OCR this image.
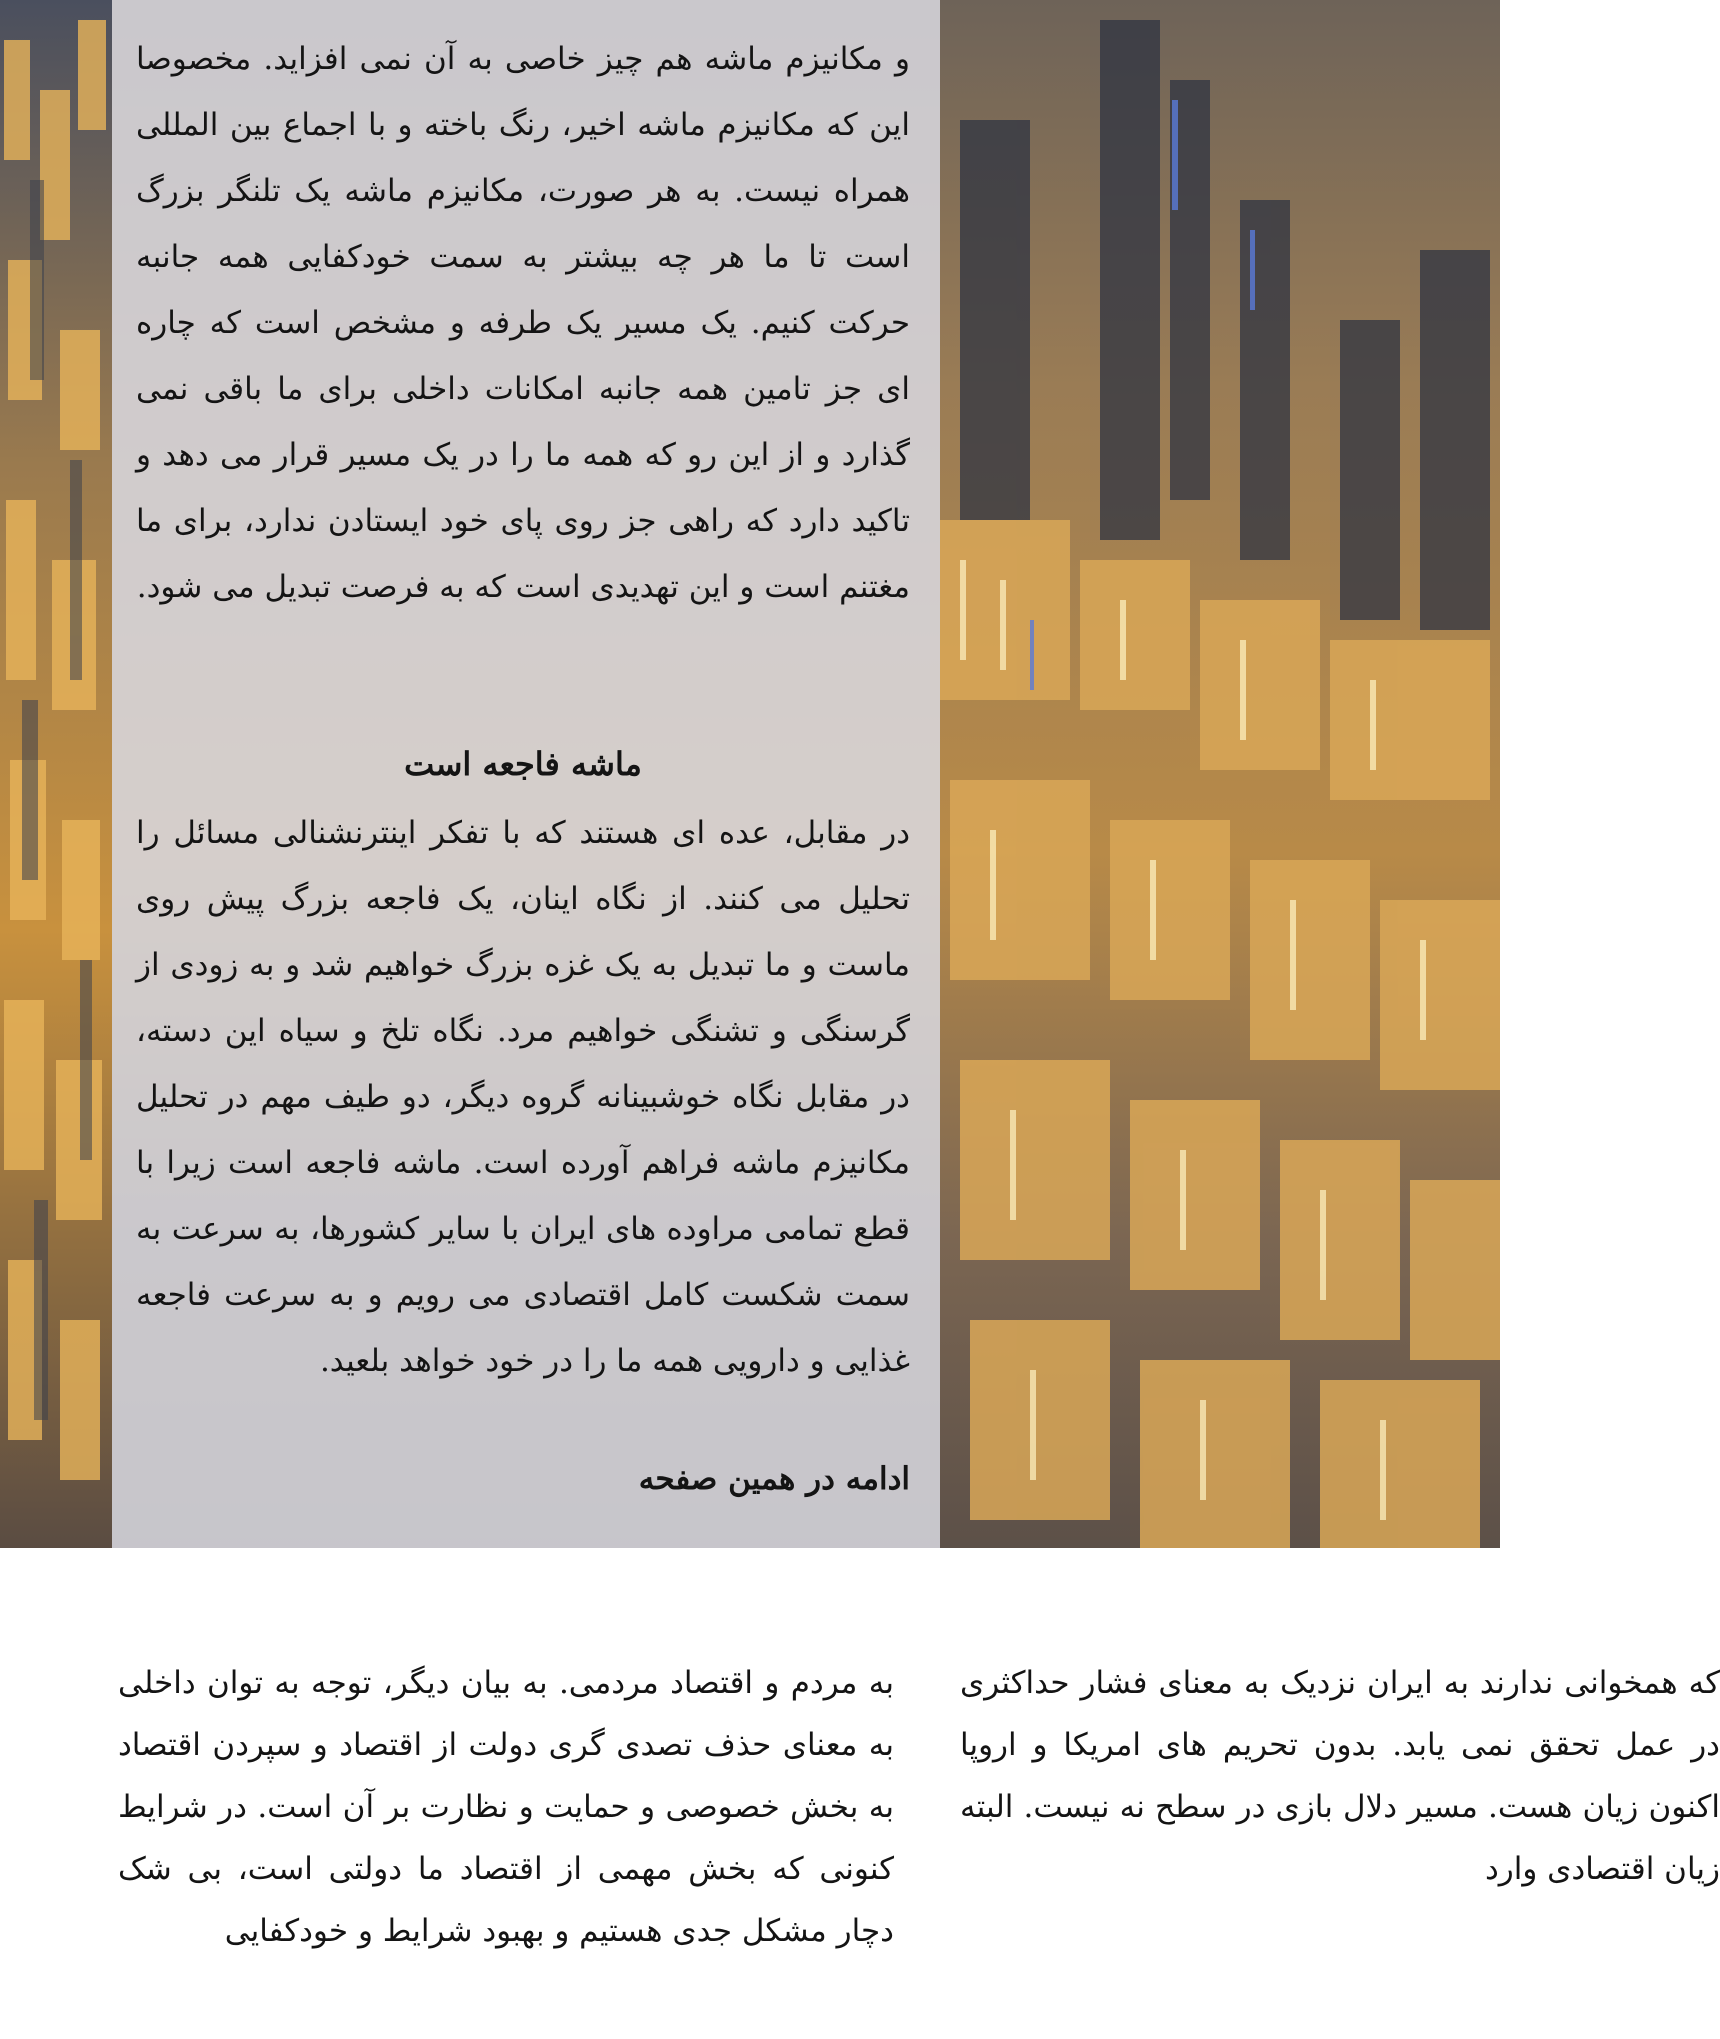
و مکانیزم ماشه هم چیز خاصی به آن نمی افزاید. مخصوصا این که مکانیزم ماشه اخیر، رنگ باخته و با اجماع بین المللی همراه نیست. به هر صورت، مکانیزم ماشه یک تلنگر بزرگ است تا ما هر چه بیشتر به سمت خودکفایی همه جانبه حرکت کنیم. یک مسیر یک طرفه و مشخص است که چاره ای جز تامین همه جانبه امکانات داخلی برای ما باقی نمی گذارد و از این رو که همه ما را در یک مسیر قرار می دهد و تاکید دارد که راهی جز روی پای خود ایستادن ندارد، برای ما مغتنم است و این تهدیدی است که به فرصت تبدیل می شود.
ماشه فاجعه است
در مقابل، عده ای هستند که با تفکر اینترنشنالی مسائل را تحلیل می کنند. از نگاه اینان، یک فاجعه بزرگ پیش روی ماست و ما تبدیل به یک غزه بزرگ خواهیم شد و به زودی از گرسنگی و تشنگی خواهیم مرد. نگاه تلخ و سیاه این دسته، در مقابل نگاه خوشبینانه گروه دیگر، دو طیف مهم در تحلیل مکانیزم ماشه فراهم آورده است. ماشه فاجعه است زیرا با قطع تمامی مراوده های ایران با سایر کشورها، به سرعت به سمت شکست کامل اقتصادی می رویم و به سرعت فاجعه غذایی و دارویی همه ما را در خود خواهد بلعید.
ادامه در همین صفحه
به مردم و اقتصاد مردمی. به بیان دیگر، توجه به توان داخلی به معنای حذف تصدی گری دولت از اقتصاد و سپردن اقتصاد به بخش خصوصی و حمایت و نظارت بر آن است. در شرایط کنونی که بخش مهمی از اقتصاد ما دولتی است، بی شک دچار مشکل جدی هستیم و بهبود شرایط و خودکفایی
که همخوانی ندارند به ایران نزدیک به معنای فشار حداکثری در عمل تحقق نمی یابد. بدون تحریم های امریکا و اروپا اکنون زیان هست. مسیر دلال بازی در سطح نه نیست. البته زیان اقتصادی وارد
